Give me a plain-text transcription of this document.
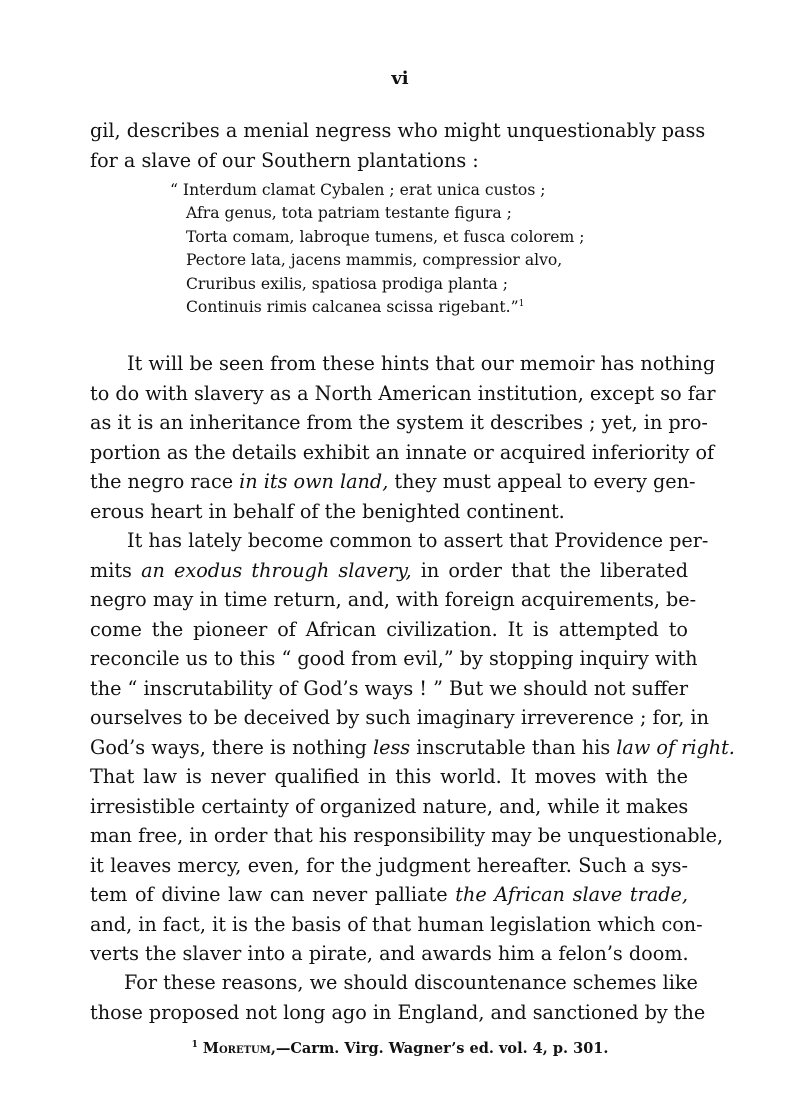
vi
gil, describes a menial negress who might unquestionably pass
for a slave of our Southern plantations :
“ Interdum clamat Cybalen ; erat unica custos ;
Afra genus, tota patriam testante figura ;
Torta comam, labroque tumens, et fusca colorem ;
Pectore lata, jacens mammis, compressior alvo,
Cruribus exilis, spatiosa prodiga planta ;
Continuis rimis calcanea scissa rigebant.”$^1$
It will be seen from these hints that our memoir has nothing
to do with slavery as a North American institution, except so far
as it is an inheritance from the system it describes ; yet, in pro-
portion as the details exhibit an innate or acquired inferiority of
the negro race in its own land, they must appeal to every gen-
erous heart in behalf of the benighted continent.
It has lately become common to assert that Providence per-
mits an exodus through slavery, in order that the liberated
negro may in time return, and, with foreign acquirements, be-
come the pioneer of African civilization. It is attempted to
reconcile us to this “ good from evil,” by stopping inquiry with
the “ inscrutability of God’s ways ! ” But we should not suffer
ourselves to be deceived by such imaginary irreverence ; for, in
God’s ways, there is nothing less inscrutable than his law of right.
That law is never qualified in this world. It moves with the
irresistible certainty of organized nature, and, while it makes
man free, in order that his responsibility may be unquestionable,
it leaves mercy, even, for the judgment hereafter. Such a sys-
tem of divine law can never palliate the African slave trade,
and, in fact, it is the basis of that human legislation which con-
verts the slaver into a pirate, and awards him a felon’s doom.
For these reasons, we should discountenance schemes like
those proposed not long ago in England, and sanctioned by the
$^1$ Moretum,—Carm. Virg. Wagner’s ed. vol. 4, p. 301.
